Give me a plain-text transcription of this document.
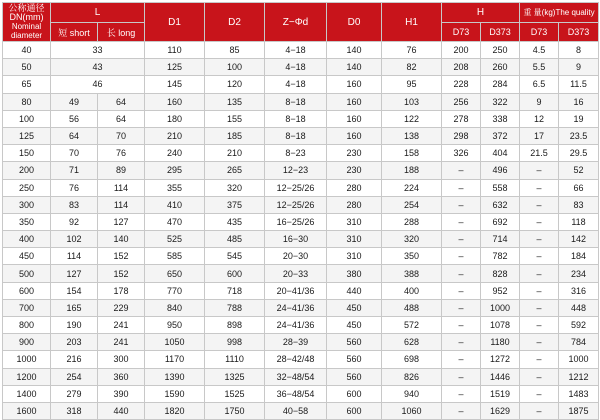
公称通径
DN(mm)
Nominal
diameter	L		D1	D2	Z−Φd	D0	H1	H		重 量(kg)The quality	
	短 short	长 long						D73	D373	D73	D373
40	33		110	85	4−18	140	76	200	250	4.5	8
50	43		125	100	4−18	140	82	208	260	5.5	9
65	46		145	120	4−18	160	95	228	284	6.5	11.5
80	49	64	160	135	8−18	160	103	256	322	9	16
100	56	64	180	155	8−18	160	122	278	338	12	19
125	64	70	210	185	8−18	160	138	298	372	17	23.5
150	70	76	240	210	8−23	230	158	326	404	21.5	29.5
200	71	89	295	265	12−23	230	188	–	496	–	52
250	76	114	355	320	12−25/26	280	224	–	558	–	66
300	83	114	410	375	12−25/26	280	254	–	632	–	83
350	92	127	470	435	16−25/26	310	288	–	692	–	118
400	102	140	525	485	16−30	310	320	–	714	–	142
450	114	152	585	545	20−30	310	350	–	782	–	184
500	127	152	650	600	20−33	380	388	–	828	–	234
600	154	178	770	718	20−41/36	440	400	–	952	–	316
700	165	229	840	788	24−41/36	450	488	–	1000	–	448
800	190	241	950	898	24−41/36	450	572	–	1078	–	592
900	203	241	1050	998	28−39	560	628	–	1180	–	784
1000	216	300	1170	1110	28−42/48	560	698	–	1272	–	1000
1200	254	360	1390	1325	32−48/54	560	826	–	1446	–	1212
1400	279	390	1590	1525	36−48/54	600	940	–	1519	–	1483
1600	318	440	1820	1750	40−58	600	1060	–	1629	–	1875
